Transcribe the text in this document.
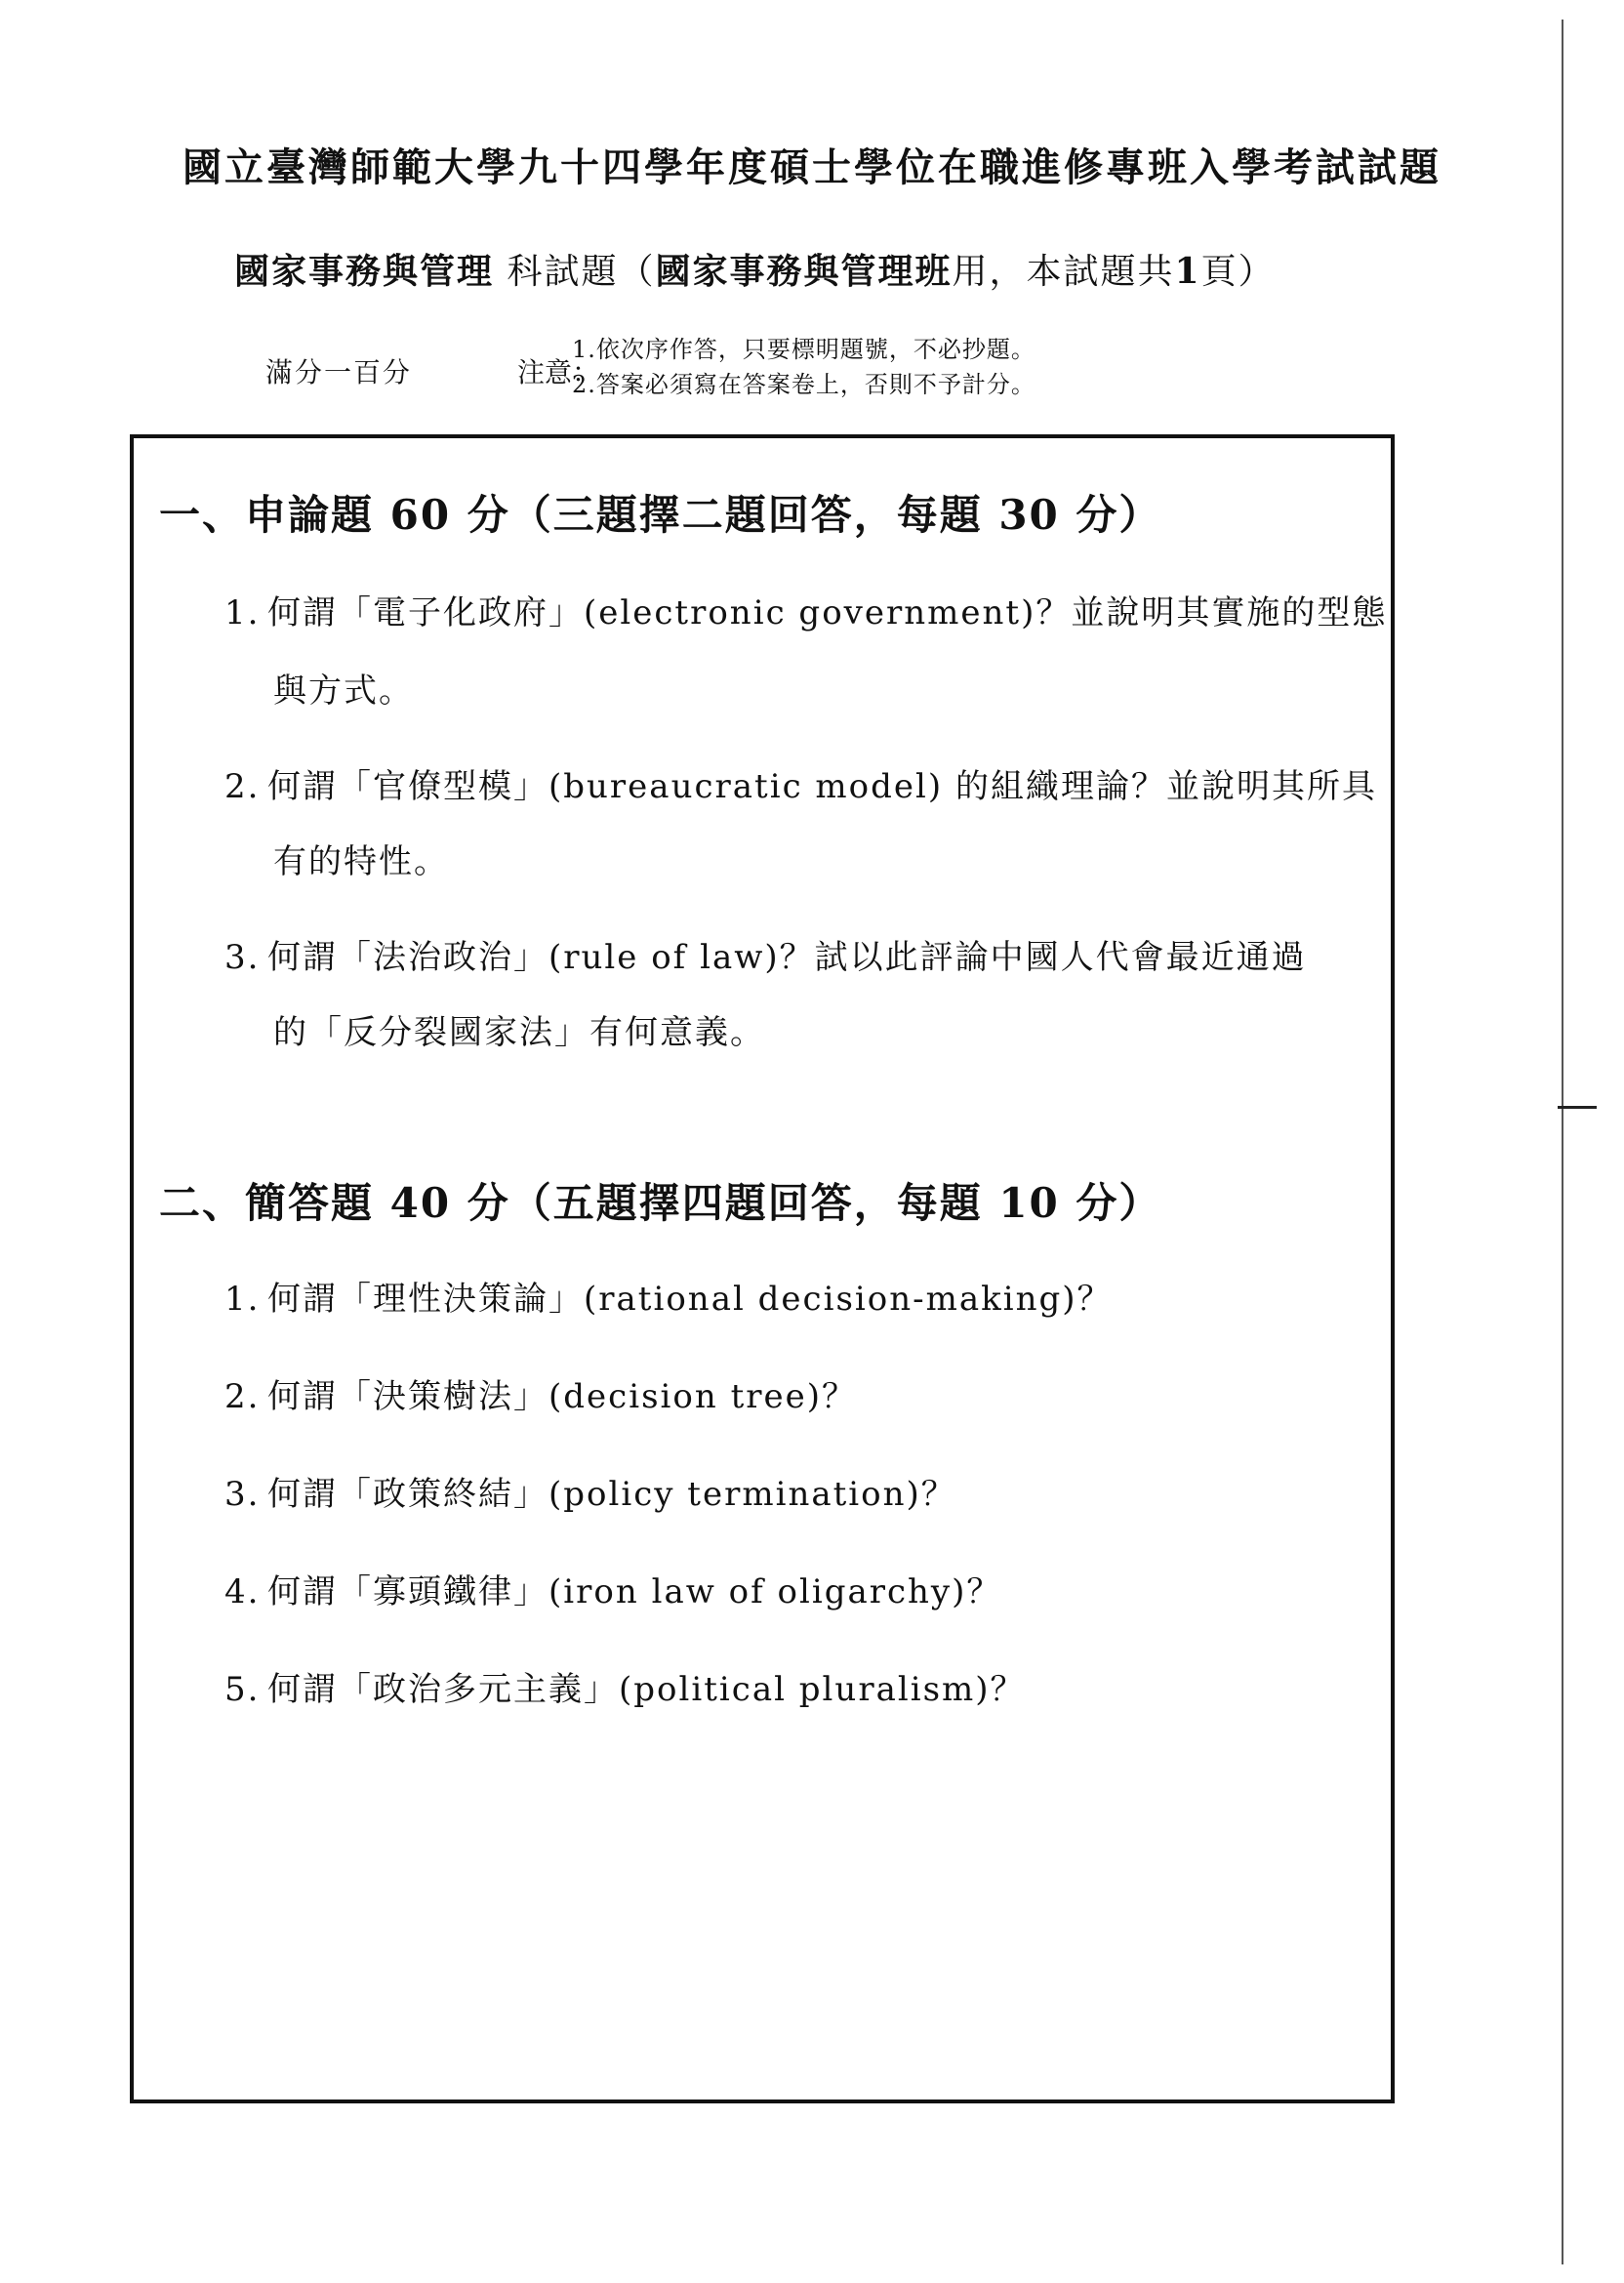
國立臺灣師範大學九十四學年度碩士學位在職進修專班入學考試試題
國家事務與管理 科試題（國家事務與管理班用，本試題共1頁）
滿分一百分	注意：
1.依次序作答，只要標明題號，不必抄題。
2.答案必須寫在答案卷上，否則不予計分。
一、申論題 60 分（三題擇二題回答，每題 30 分）
1. 何謂「電子化政府」(electronic government)？並說明其實施的型態
與方式。
2. 何謂「官僚型模」(bureaucratic model) 的組織理論？並說明其所具
有的特性。
3. 何謂「法治政治」(rule of law)？試以此評論中國人代會最近通過
的「反分裂國家法」有何意義。
二、簡答題 40 分（五題擇四題回答，每題 10 分）
1. 何謂「理性決策論」(rational decision-making)？
2. 何謂「決策樹法」(decision tree)？
3. 何謂「政策終結」(policy termination)？
4. 何謂「寡頭鐵律」(iron law of oligarchy)？
5. 何謂「政治多元主義」(political pluralism)？
